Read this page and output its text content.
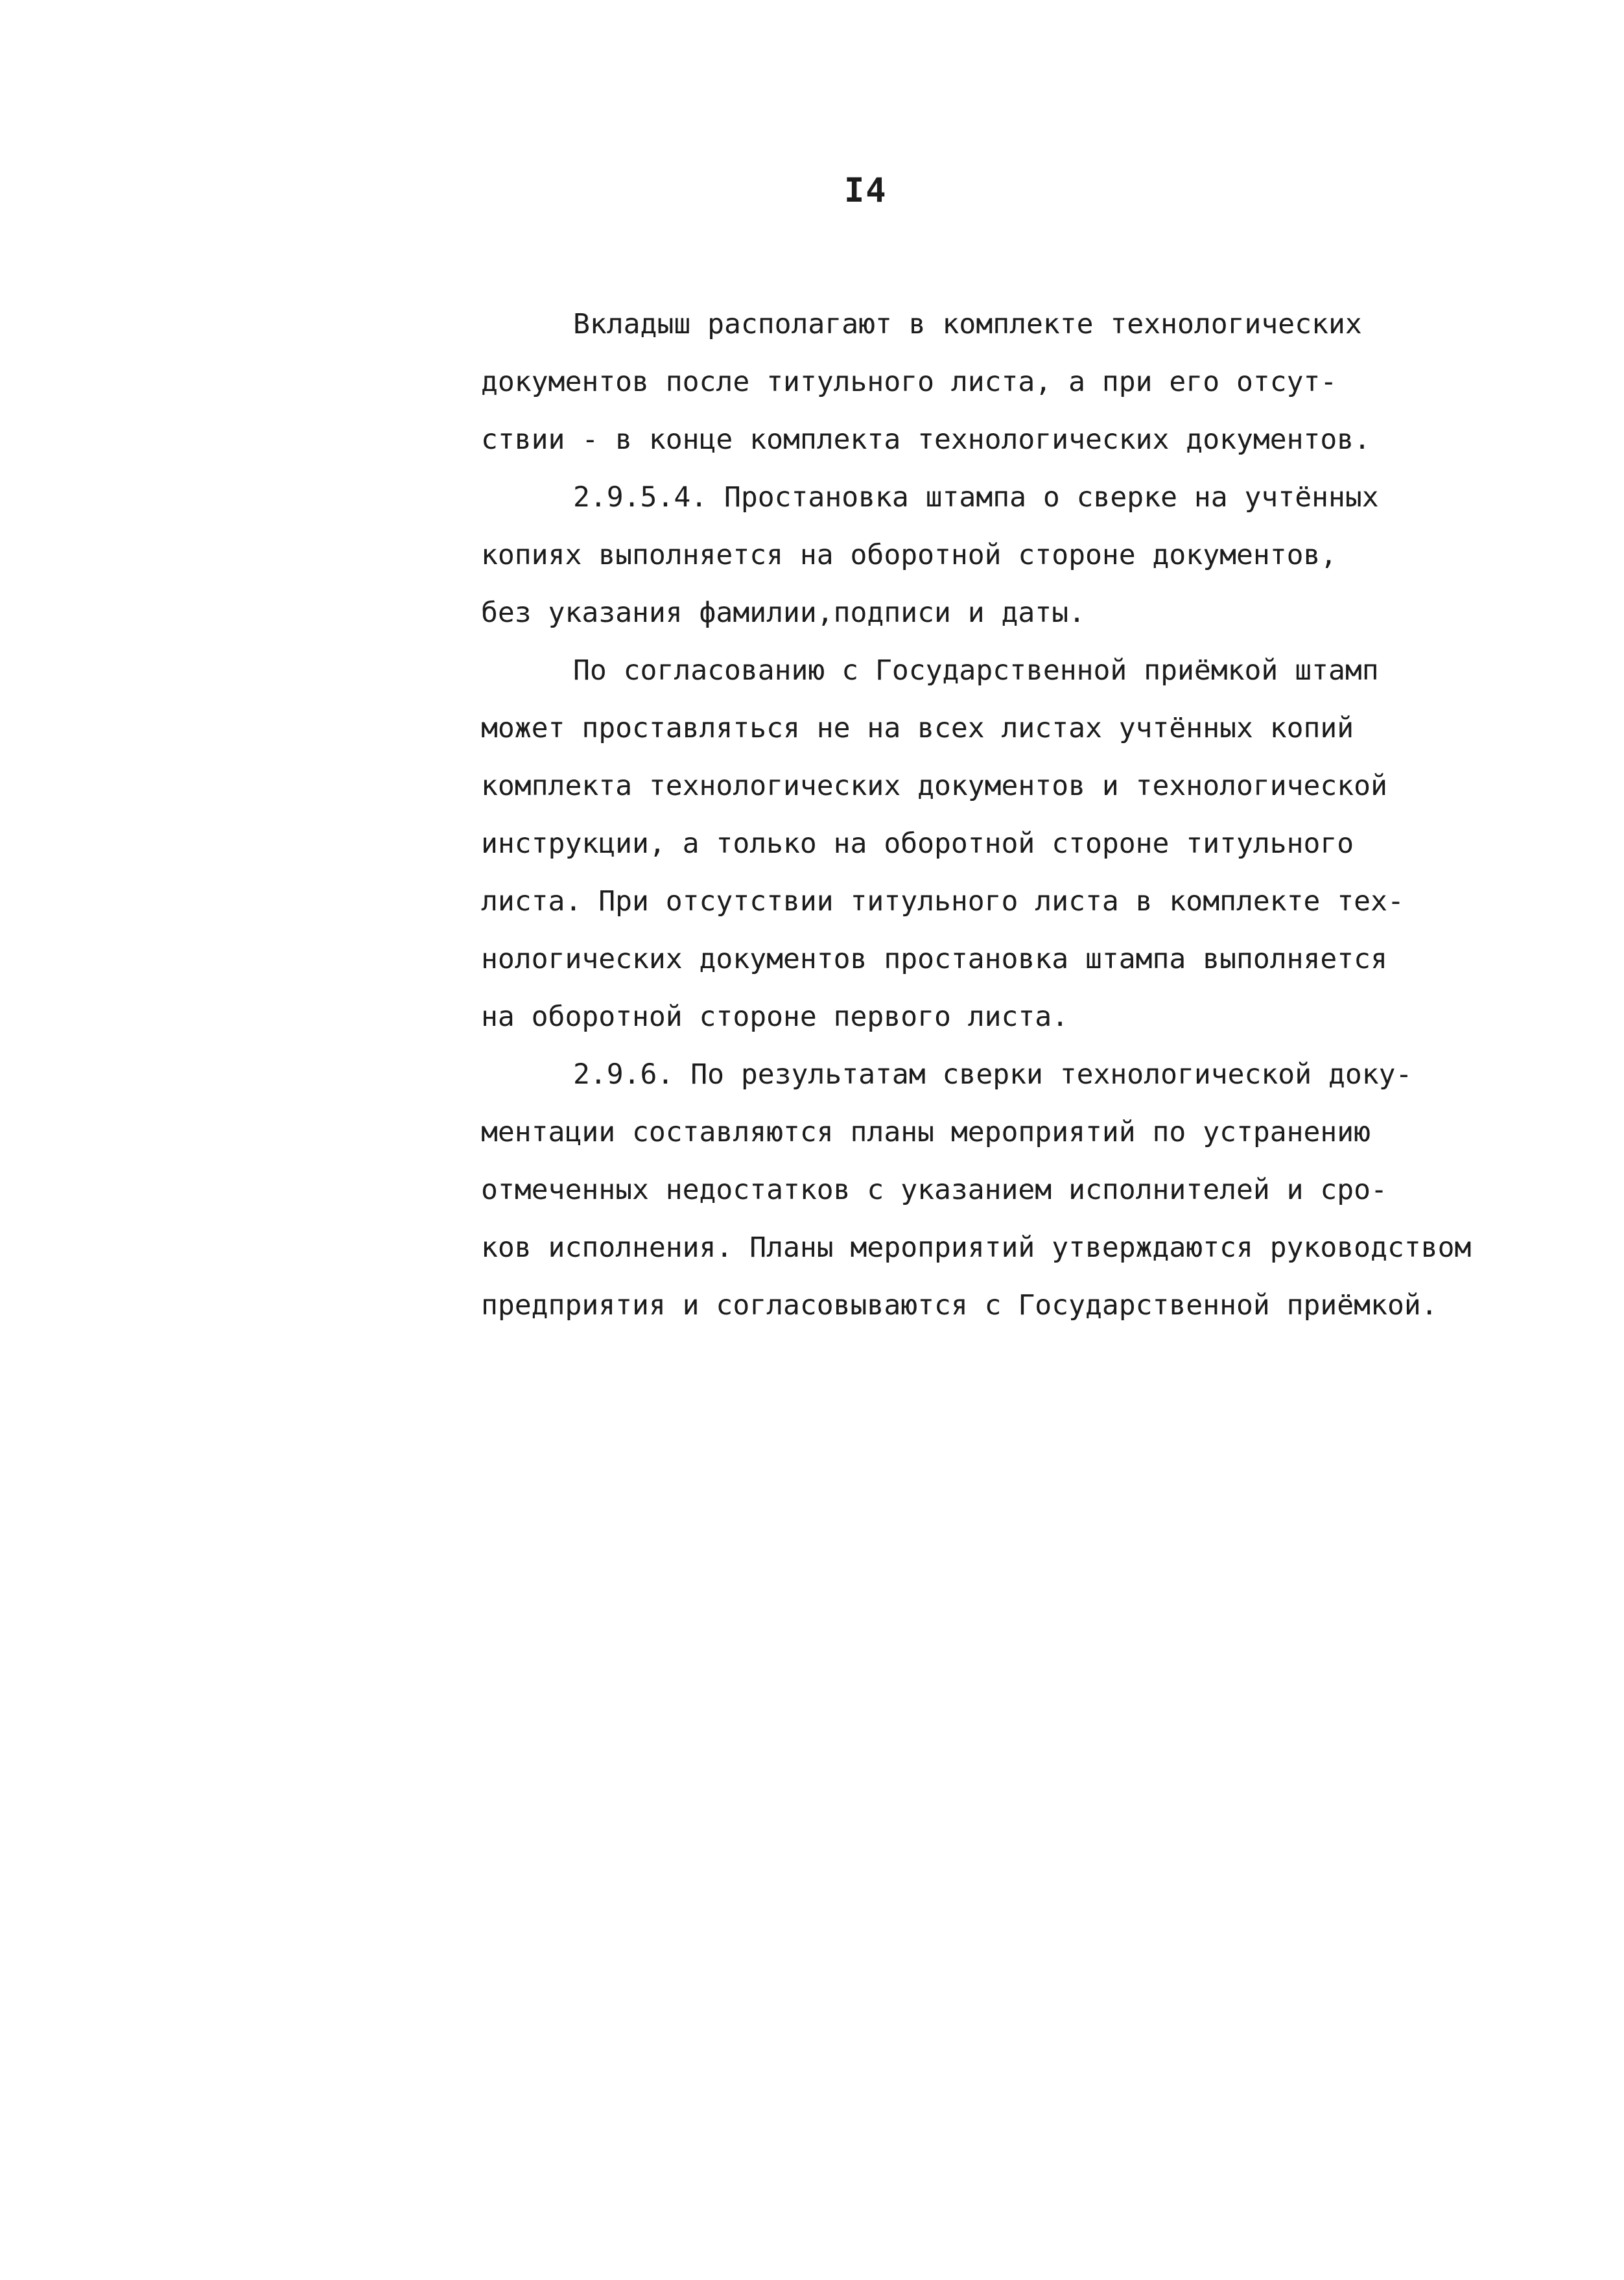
I4
Вкладыш располагают в комплекте технологических
документов после титульного листа, а при его отсут-
ствии - в конце комплекта технологических документов.
2.9.5.4. Простановка штампа о сверке на учтённых
копиях выполняется на оборотной стороне документов,
без указания фамилии,подписи и даты.
По согласованию с Государственной приёмкой штамп
может проставляться не на всех листах учтённых копий
комплекта технологических документов и технологической
инструкции, а только на оборотной стороне титульного
листа. При отсутствии титульного листа в комплекте тех-
нологических документов простановка штампа выполняется
на оборотной стороне первого листа.
2.9.6. По результатам сверки технологической доку-
ментации составляются планы мероприятий по устранению
отмеченных недостатков с указанием исполнителей и сро-
ков исполнения. Планы мероприятий утверждаются руководством
предприятия и согласовываются с Государственной приёмкой.
